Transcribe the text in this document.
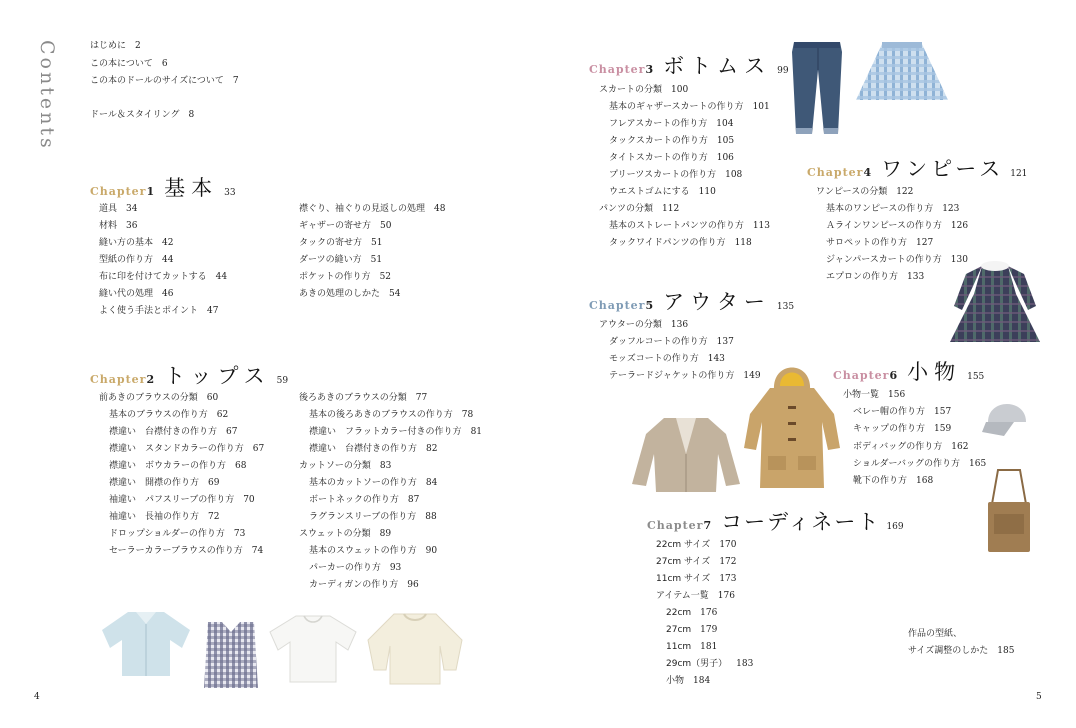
Contents	はじめに 2
この本について 6
この本のドールのサイズについて 7
ドール＆スタイリング 8
Chapter 1 基本 33
道具 34
材料 36
縫い方の基本 42
型紙の作り方 44
布に印を付けてカットする 44
縫い代の処理 46
よく使う手法とポイント 47
襟ぐり、袖ぐりの見返しの処理 48
ギャザーの寄せ方 50
タックの寄せ方 51
ダーツの縫い方 51
ポケットの作り方 52
あきの処理のしかた 54
Chapter 2 トップス 59
前あきのブラウスの分類 60
基本のブラウスの作り方 62
襟違い　台襟付きの作り方 67
襟違い　スタンドカラーの作り方 67
襟違い　ボウカラーの作り方 68
襟違い　開襟の作り方 69
袖違い　パフスリーブの作り方 70
袖違い　長袖の作り方 72
ドロップショルダーの作り方 73
セーラーカラーブラウスの作り方 74
後ろあきのブラウスの分類 77
基本の後ろあきのブラウスの作り方 78
襟違い　フラットカラー付きの作り方 81
襟違い　台襟付きの作り方 82
カットソーの分類 83
基本のカットソーの作り方 84
ボートネックの作り方 87
ラグランスリーブの作り方 88
スウェットの分類 89
基本のスウェットの作り方 90
パーカーの作り方 93
カーディガンの作り方 96
Chapter 3 ボトムス 99
スカートの分類 100
基本のギャザースカートの作り方 101
フレアスカートの作り方 104
タックスカートの作り方 105
タイトスカートの作り方 106
プリーツスカートの作り方 108
ウエストゴムにする 110
パンツの分類 112
基本のストレートパンツの作り方 113
タックワイドパンツの作り方 118
Chapter 4 ワンピース 121
ワンピースの分類 122
基本のワンピースの作り方 123
Ａラインワンピースの作り方 126
サロペットの作り方 127
ジャンパースカートの作り方 130
エプロンの作り方 133
Chapter 5 アウター 135
アウターの分類 136
ダッフルコートの作り方 137
モッズコートの作り方 143
テーラードジャケットの作り方 149	Chapter 6 小物 155
小物一覧 156
ベレー帽の作り方 157
キャップの作り方 159
ボディバッグの作り方 162
ショルダーバッグの作り方 165
靴下の作り方 168
Chapter 7 コーディネート 169
22cm サイズ 170
27cm サイズ 172
11cm サイズ 173
アイテム一覧 176
22cm 176
27cm 179
11cm 181
29cm（男子） 183
小物 184
作品の型紙、
サイズ調整のしかた 185
4	5
